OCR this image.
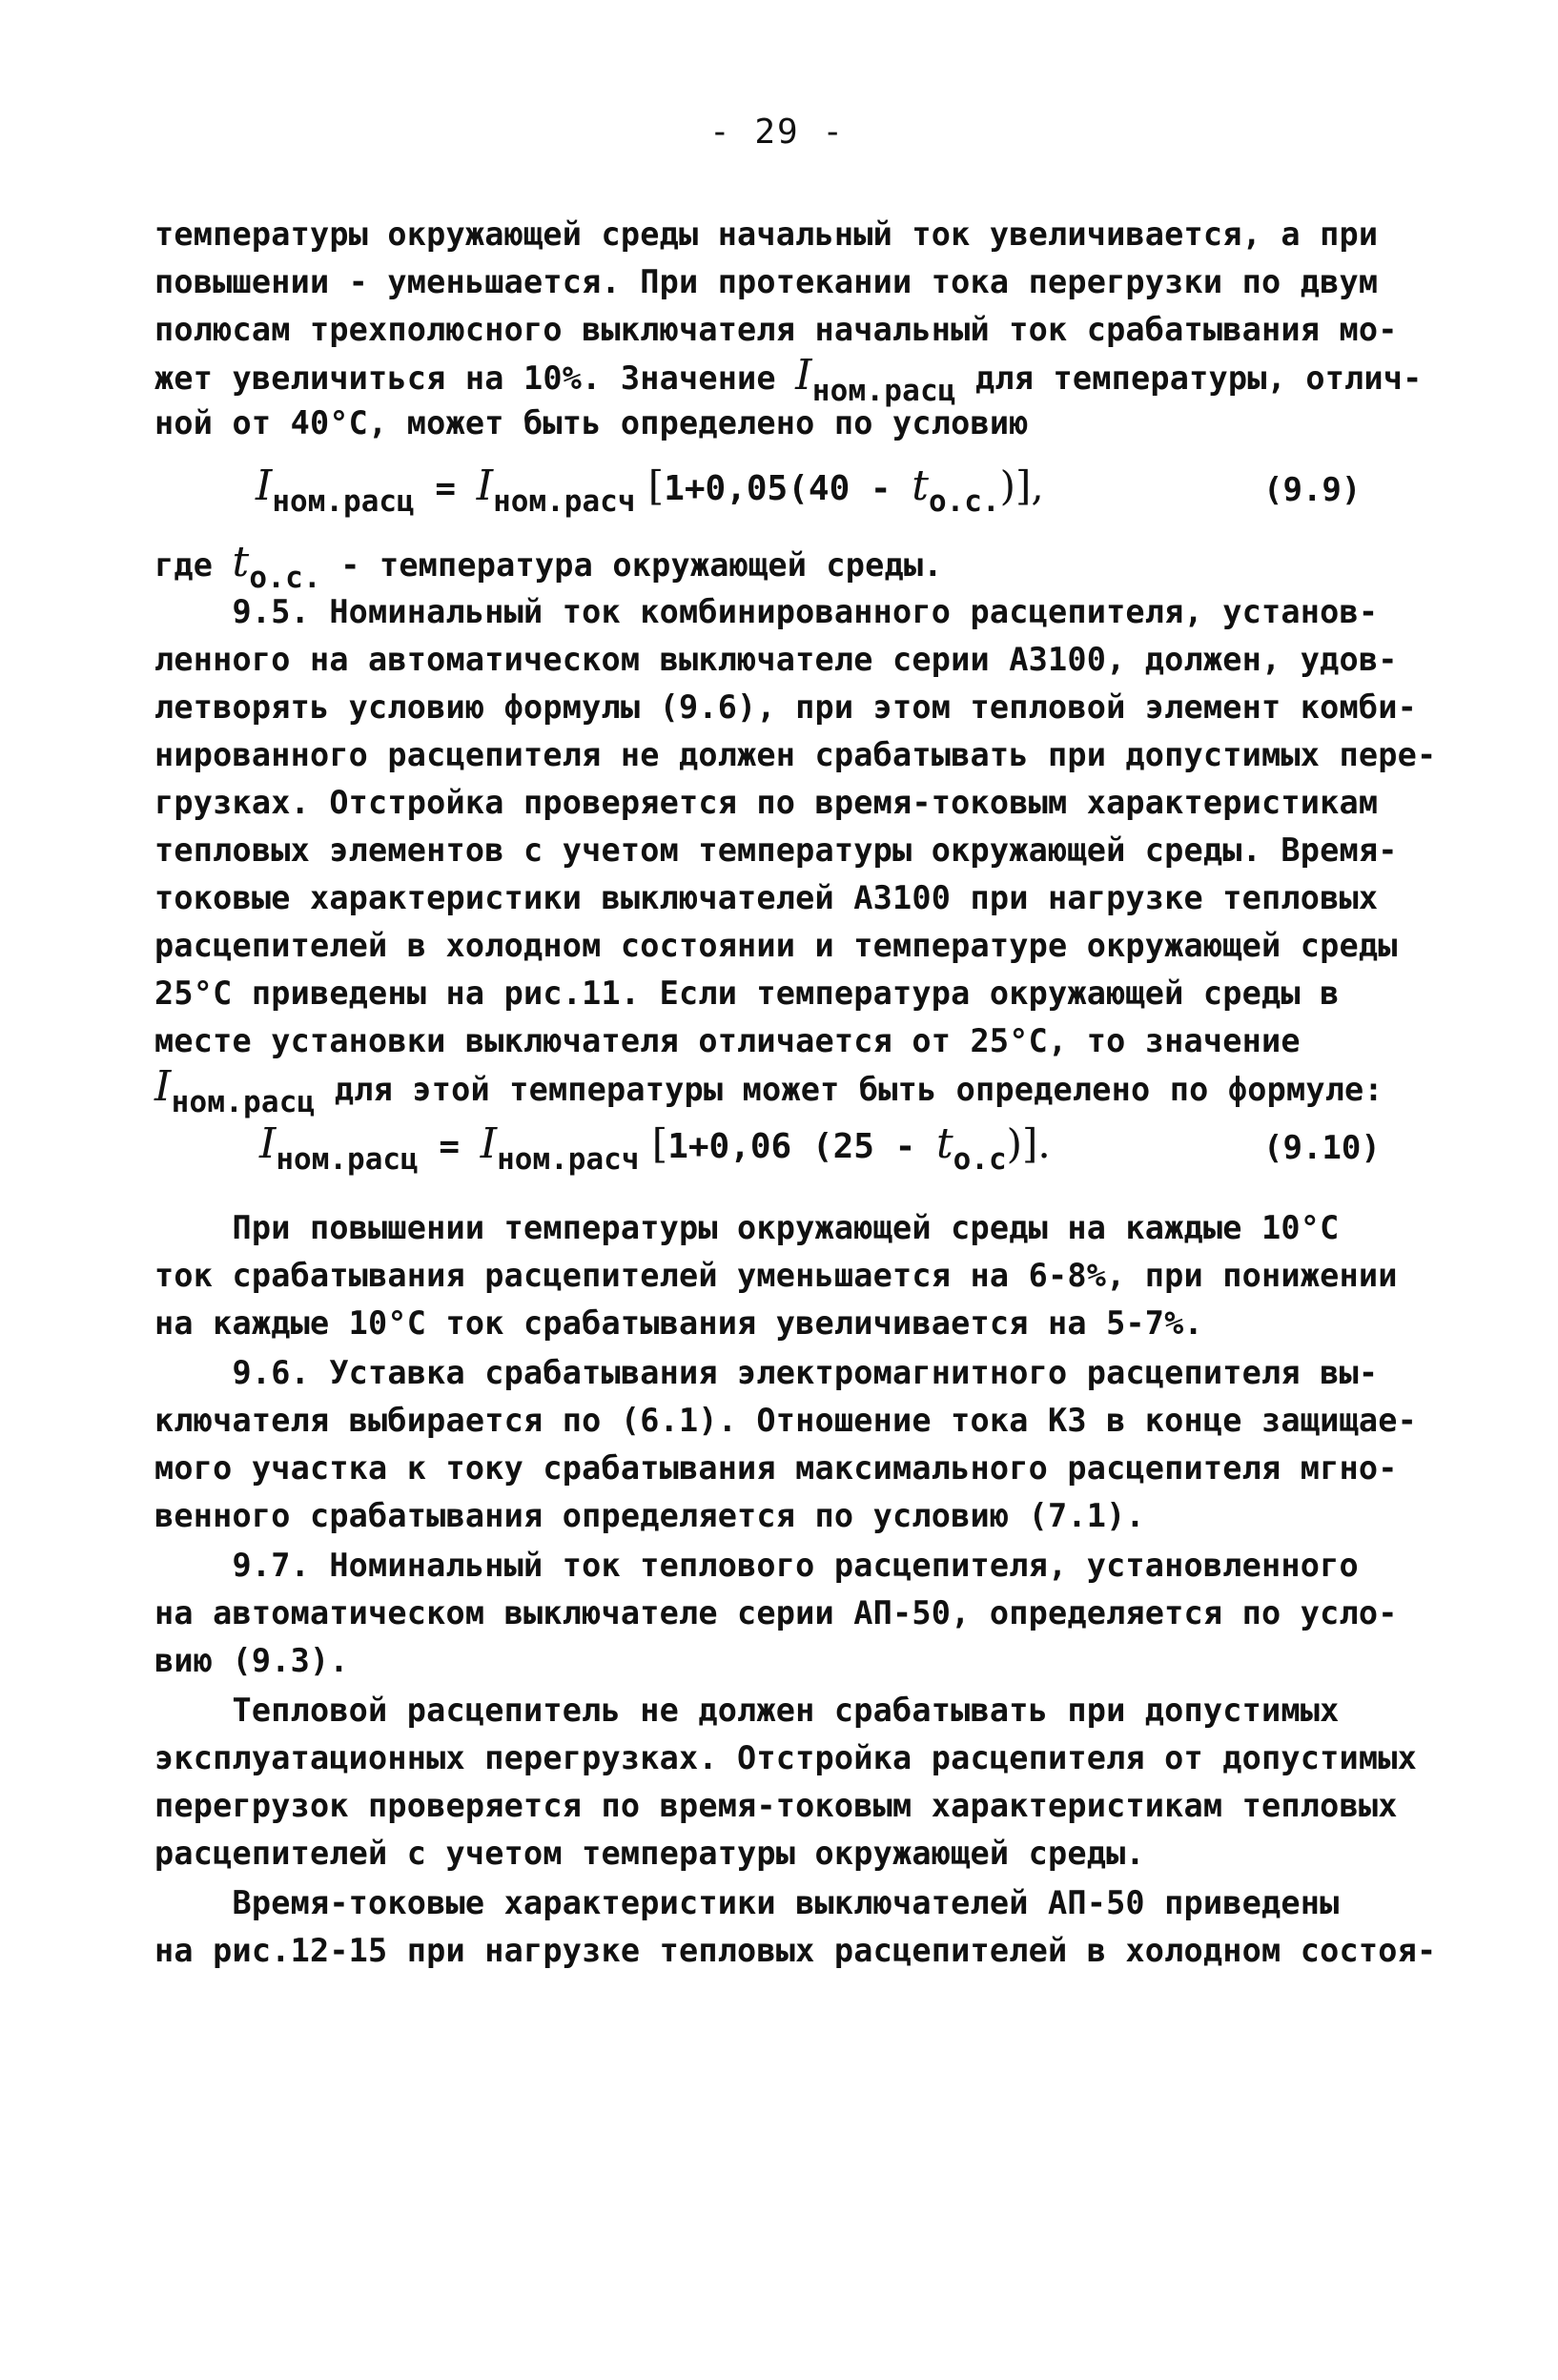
- 29 -
температуры окружающей среды начальный ток увеличивается, а при
повышении - уменьшается. При протекании тока перегрузки по двум
полюсам трехполюсного выключателя начальный ток срабатывания мо-
жет увеличиться на 10%. Значение $I_{ном.расц}$ для температуры, отлич-
ной от 40°С, может быть определено по условию
$I_{ном.расц} = I_{ном.расч}$ $[1+0,05(40 - t_{о.с.})]$,	(9.9)
где $t_{о.с.}$ - температура окружающей среды.
9.5. Номинальный ток комбинированного расцепителя, установ-
ленного на автоматическом выключателе серии А3100, должен, удов-
летворять условию формулы (9.6), при этом тепловой элемент комби-
нированного расцепителя не должен срабатывать при допустимых пере-
грузках. Отстройка проверяется по время-токовым характеристикам
тепловых элементов с учетом температуры окружающей среды. Время-
токовые характеристики выключателей А3100 при нагрузке тепловых
расцепителей в холодном состоянии и температуре окружающей среды
25°С приведены на рис.11. Если температура окружающей среды в
месте установки выключателя отличается от 25°С, то значение
$I_{ном.расц}$ для этой температуры может быть определено по формуле:
$I_{ном.расц} = I_{ном.расч}$ [1+0,06 $(25 - t_{о.с})$].	(9.10)
При повышении температуры окружающей среды на каждые 10°С
ток срабатывания расцепителей уменьшается на 6-8%, при понижении
на каждые 10°С ток срабатывания увеличивается на 5-7%.
9.6. Уставка срабатывания электромагнитного расцепителя вы-
ключателя выбирается по (6.1). Отношение тока КЗ в конце защищае-
мого участка к току срабатывания максимального расцепителя мгно-
венного срабатывания определяется по условию (7.1).
9.7. Номинальный ток теплового расцепителя, установленного
на автоматическом выключателе серии АП-50, определяется по усло-
вию (9.3).
Тепловой расцепитель не должен срабатывать при допустимых
эксплуатационных перегрузках. Отстройка расцепителя от допустимых
перегрузок проверяется по время-токовым характеристикам тепловых
расцепителей с учетом температуры окружающей среды.
Время-токовые характеристики выключателей АП-50 приведены
на рис.12-15 при нагрузке тепловых расцепителей в холодном состоя-
